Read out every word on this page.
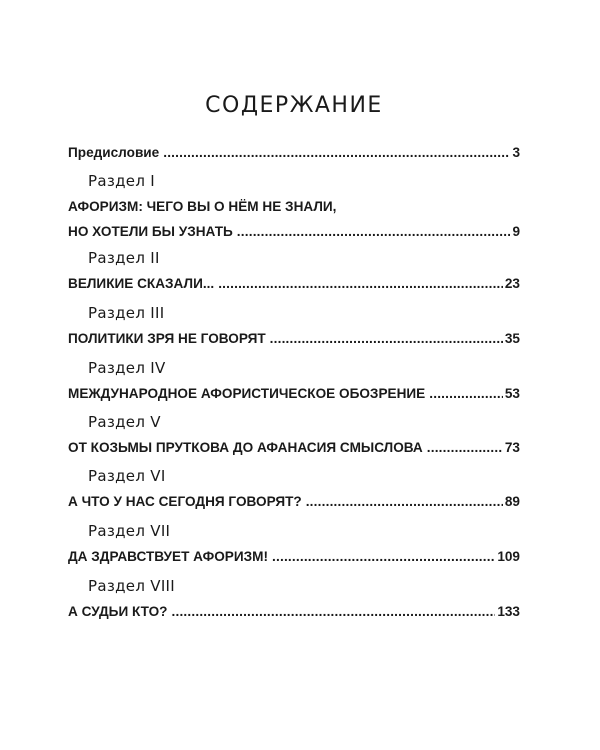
СОДЕРЖАНИЕ
Предисловие .....	3
Раздел I
АФОРИЗМ: ЧЕГО ВЫ О НЁМ НЕ ЗНАЛИ,
НО ХОТЕЛИ БЫ УЗНАТЬ .....	9
Раздел II
ВЕЛИКИЕ СКАЗАЛИ... .....	23
Раздел III
ПОЛИТИКИ ЗРЯ НЕ ГОВОРЯТ .....	35
Раздел IV
МЕЖДУНАРОДНОЕ АФОРИСТИЧЕСКОЕ ОБОЗРЕНИЕ .....	53
Раздел V
ОТ КОЗЬМЫ ПРУТКОВА ДО АФАНАСИЯ СМЫСЛОВА .....	73
Раздел VI
А ЧТО У НАС СЕГОДНЯ ГОВОРЯТ? .....	89
Раздел VII
ДА ЗДРАВСТВУЕТ АФОРИЗМ! .....	109
Раздел VIII
А СУДЬИ КТО? .....	133
